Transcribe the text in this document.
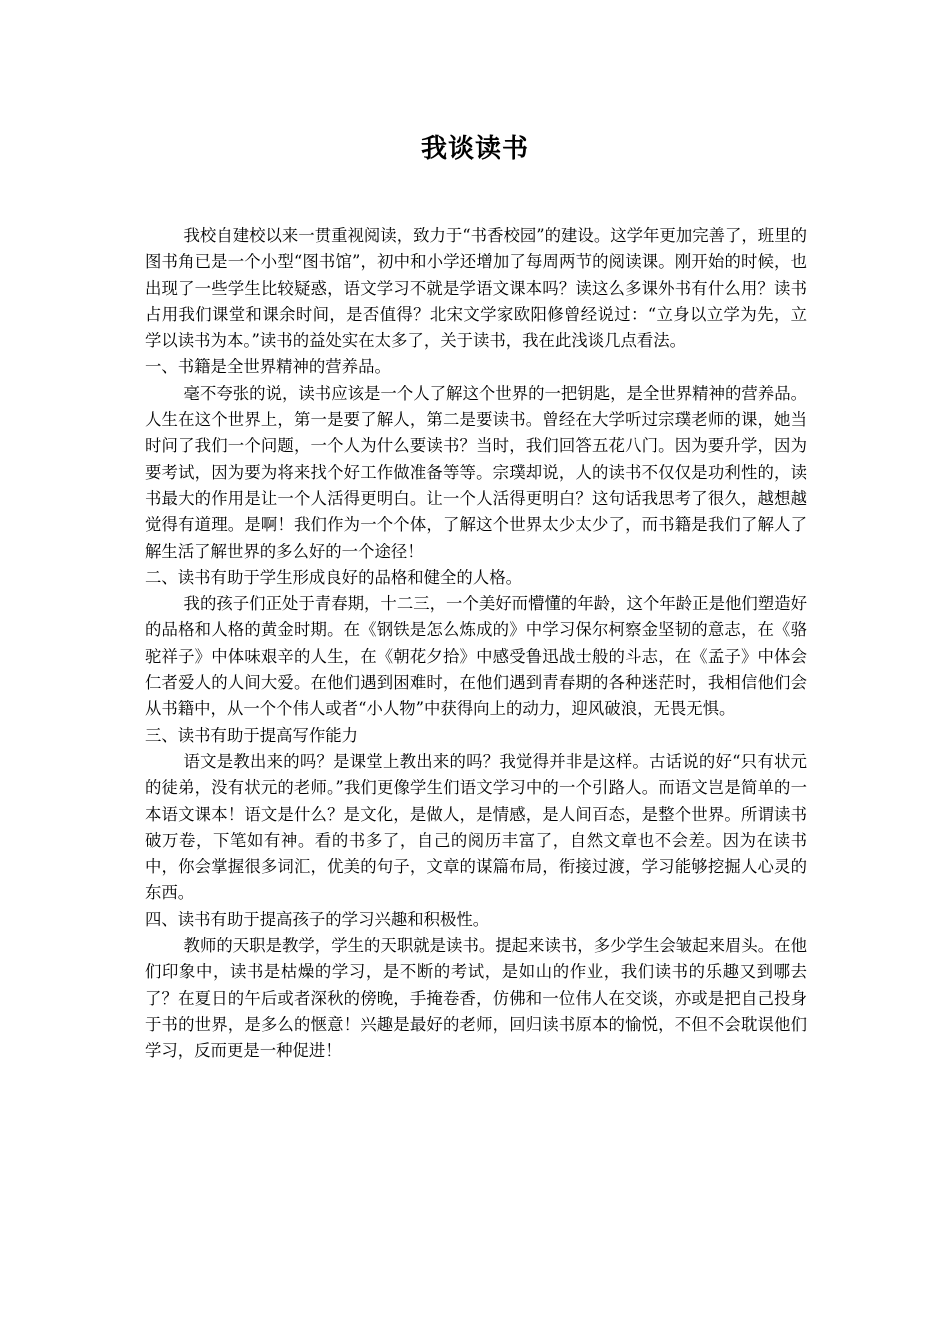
我谈读书

我校自建校以来一贯重视阅读，致力于“书香校园”的建设。这学年更加完善了，班里的图书角已是一个小型“图书馆”，初中和小学还增加了每周两节的阅读课。刚开始的时候，也出现了一些学生比较疑惑，语文学习不就是学语文课本吗？读这么多课外书有什么用？读书占用我们课堂和课余时间，是否值得？北宋文学家欧阳修曾经说过：“立身以立学为先，立学以读书为本。”读书的益处实在太多了，关于读书，我在此浅谈几点看法。

一、书籍是全世界精神的营养品。

毫不夸张的说，读书应该是一个人了解这个世界的一把钥匙，是全世界精神的营养品。人生在这个世界上，第一是要了解人，第二是要读书。曾经在大学听过宗璞老师的课，她当时问了我们一个问题，一个人为什么要读书？当时，我们回答五花八门。因为要升学，因为要考试，因为要为将来找个好工作做准备等等。宗璞却说，人的读书不仅仅是功利性的，读书最大的作用是让一个人活得更明白。让一个人活得更明白？这句话我思考了很久，越想越觉得有道理。是啊！我们作为一个个体，了解这个世界太少太少了，而书籍是我们了解人了解生活了解世界的多么好的一个途径！

二、读书有助于学生形成良好的品格和健全的人格。

我的孩子们正处于青春期，十二三，一个美好而懵懂的年龄，这个年龄正是他们塑造好的品格和人格的黄金时期。在《钢铁是怎么炼成的》中学习保尔柯察金坚韧的意志，在《骆驼祥子》中体味艰辛的人生，在《朝花夕拾》中感受鲁迅战士般的斗志，在《孟子》中体会仁者爱人的人间大爱。在他们遇到困难时，在他们遇到青春期的各种迷茫时，我相信他们会从书籍中，从一个个伟人或者“小人物”中获得向上的动力，迎风破浪，无畏无惧。

三、读书有助于提高写作能力

语文是教出来的吗？是课堂上教出来的吗？我觉得并非是这样。古话说的好“只有状元的徒弟，没有状元的老师。”我们更像学生们语文学习中的一个引路人。而语文岂是简单的一本语文课本！语文是什么？是文化，是做人，是情感，是人间百态，是整个世界。所谓读书破万卷，下笔如有神。看的书多了，自己的阅历丰富了，自然文章也不会差。因为在读书中，你会掌握很多词汇，优美的句子，文章的谋篇布局，衔接过渡，学习能够挖掘人心灵的东西。

四、读书有助于提高孩子的学习兴趣和积极性。

教师的天职是教学，学生的天职就是读书。提起来读书，多少学生会皱起来眉头。在他们印象中，读书是枯燥的学习，是不断的考试，是如山的作业，我们读书的乐趣又到哪去了？在夏日的午后或者深秋的傍晚，手掩卷香，仿佛和一位伟人在交谈，亦或是把自己投身于书的世界，是多么的惬意！兴趣是最好的老师，回归读书原本的愉悦，不但不会耽误他们学习，反而更是一种促进！
